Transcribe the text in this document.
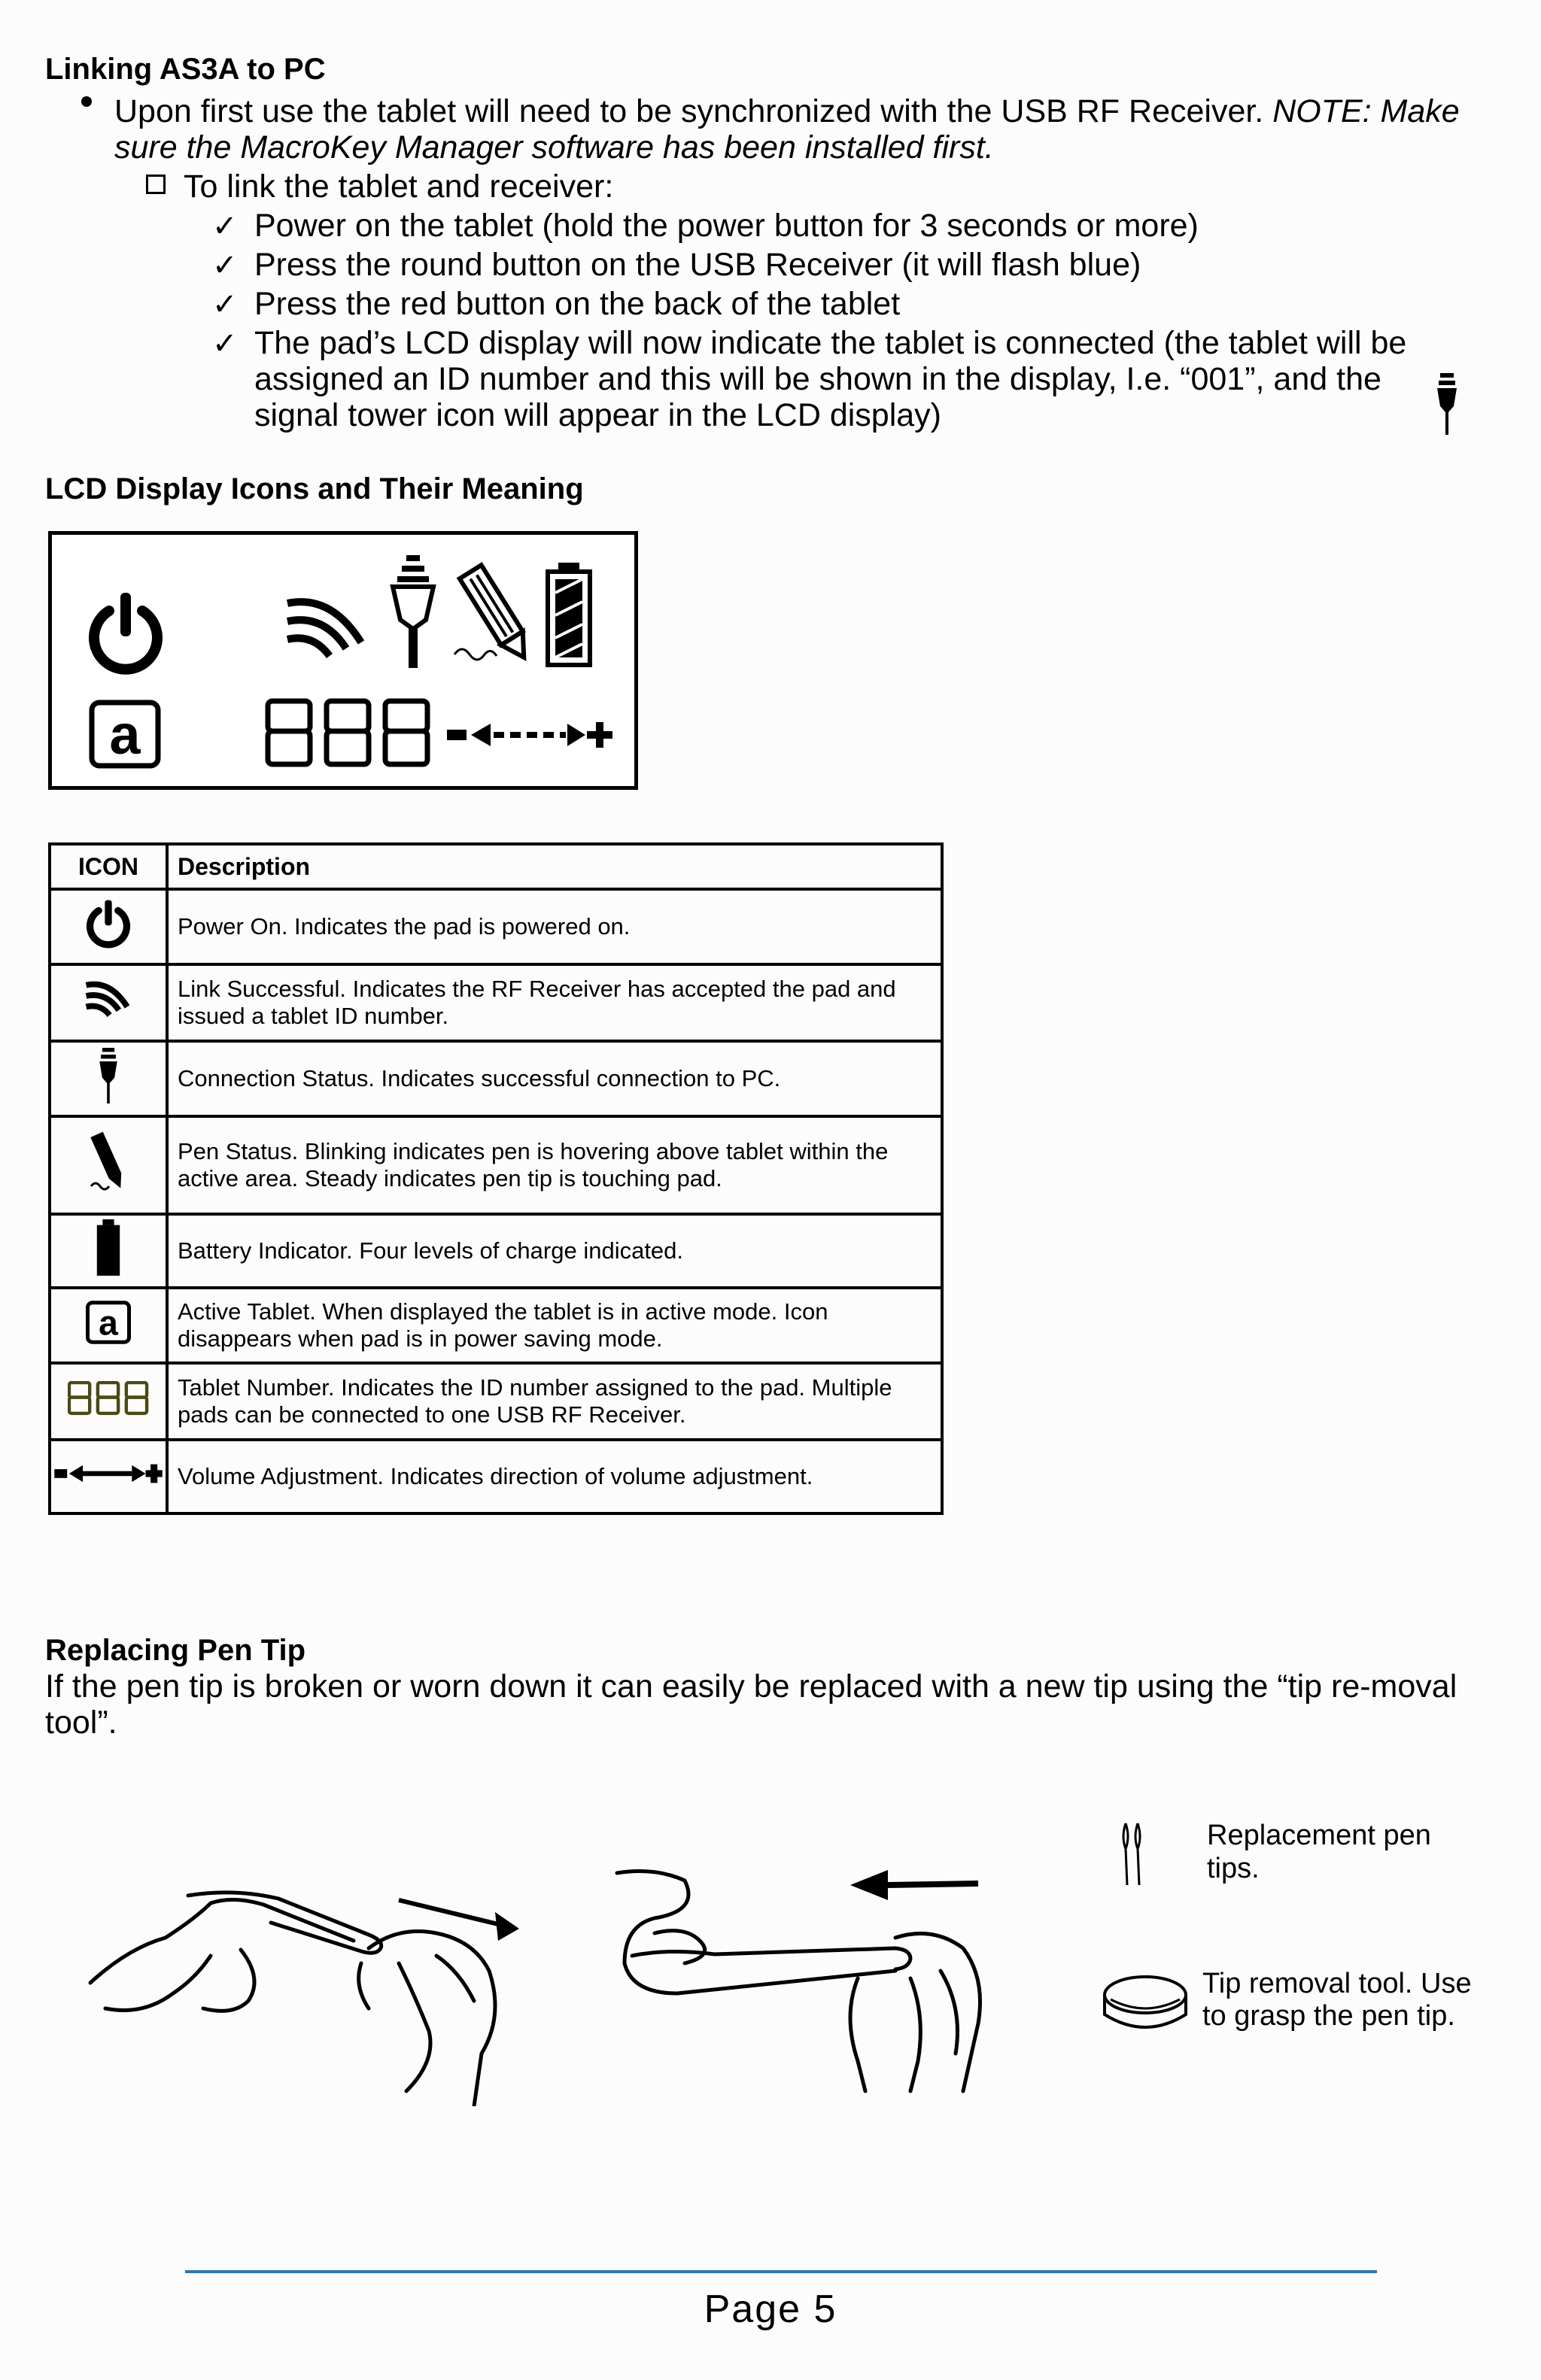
Linking AS3A to PC
Upon first use the tablet will need to be synchronized with the USB RF Receiver. NOTE: Make sure the MacroKey Manager software has been installed first.
To link the tablet and receiver:
✓ Power on the tablet (hold the power button for 3 seconds or more)
✓ Press the round button on the USB Receiver (it will flash blue)
✓ Press the red button on the back of the tablet
✓ The pad’s LCD display will now indicate the tablet is connected (the tablet will be assigned an ID number and this will be shown in the display, I.e. “001”, and the signal tower icon will appear in the LCD display)
LCD Display Icons and Their Meaning
a
ICON	Description
	Power On. Indicates the pad is powered on.
	Link Successful. Indicates the RF Receiver has accepted the pad and issued a tablet ID number.
	Connection Status. Indicates successful connection to PC.
	Pen Status. Blinking indicates pen is hovering above tablet within the active area. Steady indicates pen tip is touching pad.
	Battery Indicator. Four levels of charge indicated.

a	Active Tablet. When displayed the tablet is in active mode. Icon disappears when pad is in power saving mode.
	Tablet Number. Indicates the ID number assigned to the pad. Multiple pads can be connected to one USB RF Receiver.
	Volume Adjustment. Indicates direction of volume adjustment.
Replacing Pen Tip
If the pen tip is broken or worn down it can easily be replaced with a new tip using the “tip re-moval tool”.
Replacement pen tips.
Tip removal tool. Use to grasp the pen tip.
Page 5
